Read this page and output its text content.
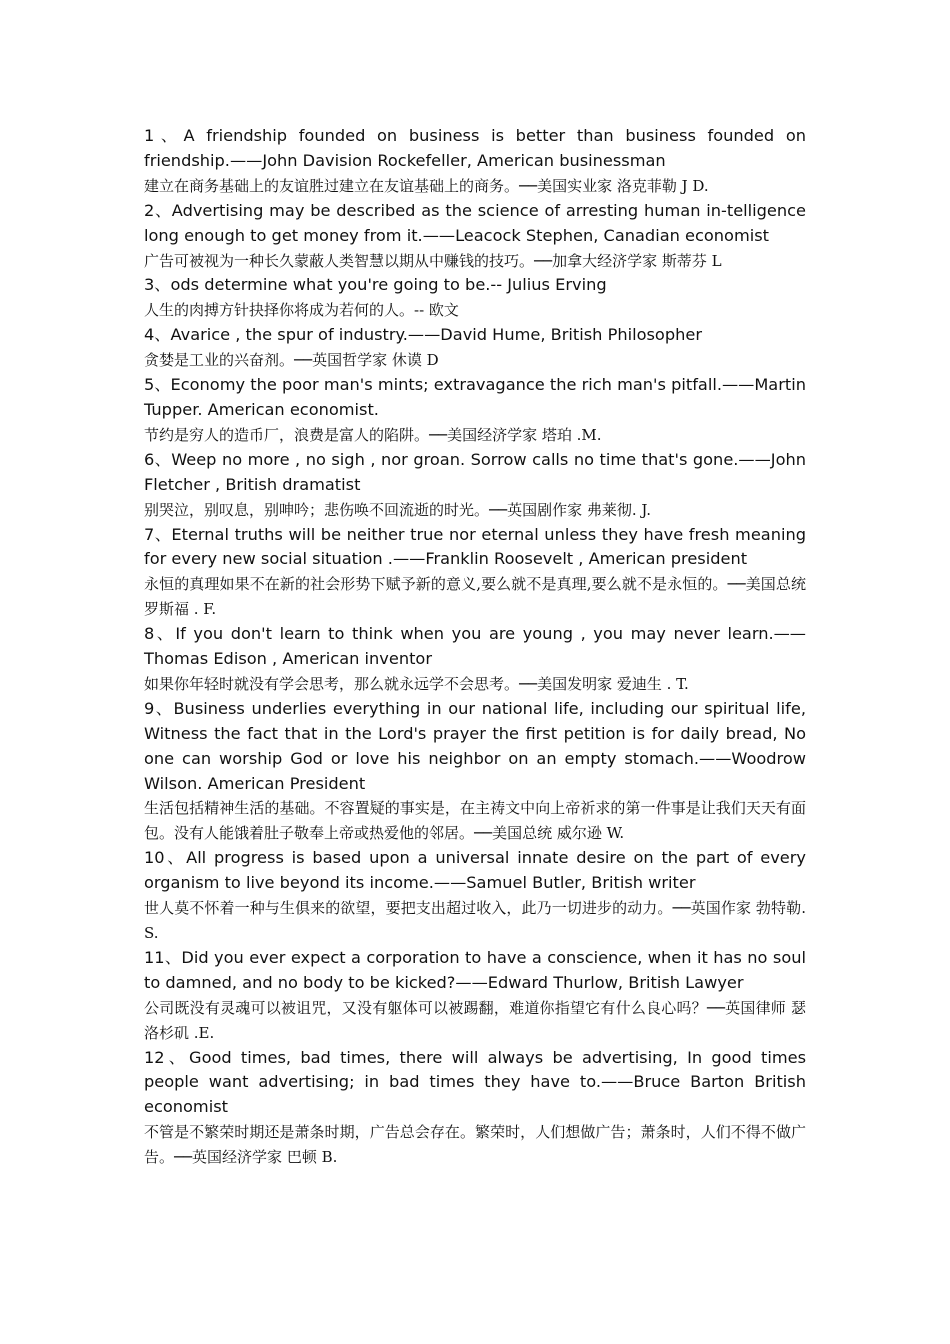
1、A friendship founded on business is better than business founded on friendship.——John Davision Rockefeller, American businessman

建立在商务基础上的友谊胜过建立在友谊基础上的商务。──美国实业家 洛克菲勒 J D.

2、Advertising may be described as the science of arresting human in-telligence long enough to get money from it.——Leacock Stephen, Canadian economist

广告可被视为一种长久蒙蔽人类智慧以期从中赚钱的技巧。──加拿大经济学家 斯蒂芬 L

3、ods determine what you're going to be.-- Julius Erving

人生的肉搏方针抉择你将成为若何的人。-- 欧文

4、Avarice , the spur of industry.——David Hume, British Philosopher

贪婪是工业的兴奋剂。──英国哲学家 休谟 D

5、Economy the poor man's mints; extravagance the rich man's pitfall.——Martin Tupper. American economist.

节约是穷人的造币厂，浪费是富人的陷阱。──美国经济学家 塔珀 .M.

6、Weep no more , no sigh , nor groan. Sorrow calls no time that's gone.——John Fletcher , British dramatist

别哭泣，别叹息，别呻吟；悲伤唤不回流逝的时光。──英国剧作家 弗莱彻. J.

7、Eternal truths will be neither true nor eternal unless they have fresh meaning for every new social situation .——Franklin Roosevelt , American president

永恒的真理如果不在新的社会形势下赋予新的意义,要么就不是真理,要么就不是永恒的。──美国总统 罗斯福 . F.

8、If you don't learn to think when you are young , you may never learn.——Thomas Edison , American inventor

如果你年轻时就没有学会思考，那么就永远学不会思考。──美国发明家 爱迪生 . T.

9、Business underlies everything in our national life, including our spiritual life, Witness the fact that in the Lord's prayer the first petition is for daily bread, No one can worship God or love his neighbor on an empty stomach.——Woodrow Wilson. American President

生活包括精神生活的基础。不容置疑的事实是，在主祷文中向上帝祈求的第一件事是让我们天天有面包。没有人能饿着肚子敬奉上帝或热爱他的邻居。──美国总统 威尔逊 W.

10、All progress is based upon a universal innate desire on the part of every organism to live beyond its income.——Samuel Butler, British writer

世人莫不怀着一种与生俱来的欲望，要把支出超过收入，此乃一切进步的动力。──英国作家 勃特勒. S.

11、Did you ever expect a corporation to have a conscience, when it has no soul to damned, and no body to be kicked?——Edward Thurlow, British Lawyer

公司既没有灵魂可以被诅咒，又没有躯体可以被踢翻，难道你指望它有什么良心吗？──英国律师 瑟洛杉矶 .E.

12、Good times, bad times, there will always be advertising, In good times people want advertising; in bad times they have to.——Bruce Barton British economist

不管是不繁荣时期还是萧条时期，广告总会存在。繁荣时，人们想做广告；萧条时，人们不得不做广告。──英国经济学家 巴顿 B.
